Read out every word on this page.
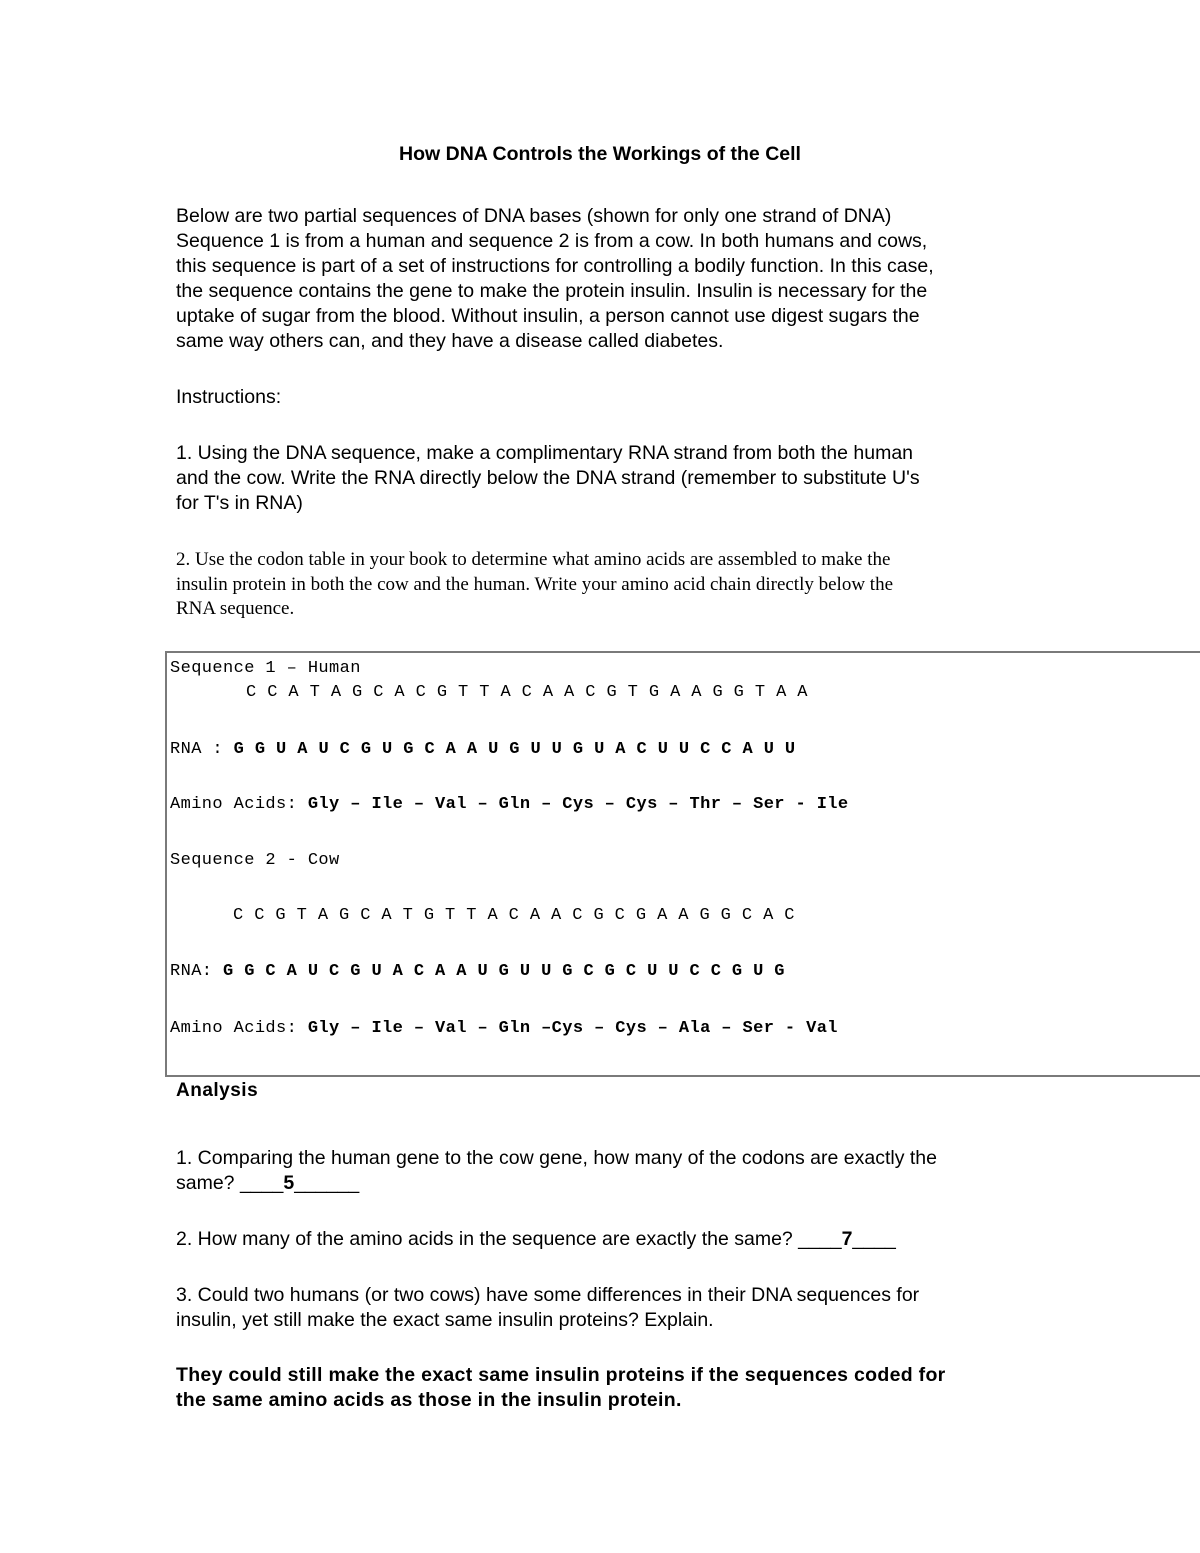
How DNA Controls the Workings of the Cell

Below are two partial sequences of DNA bases (shown for only one strand of DNA)

Sequence 1 is from a human and sequence 2 is from a cow. In both humans and cows,

this sequence is part of a set of instructions for controlling a bodily function. In this case,

the sequence contains the gene to make the protein insulin. Insulin is necessary for the

uptake of sugar from the blood. Without insulin, a person cannot use digest sugars the

same way others can, and they have a disease called diabetes.

Instructions:

1. Using the DNA sequence, make a complimentary RNA strand from both the human

and the cow. Write the RNA directly below the DNA strand (remember to substitute U's

for T's in RNA)

2. Use the codon table in your book to determine what amino acids are assembled to make the
insulin protein in both the cow and the human. Write your amino acid chain directly below the
RNA sequence.
Sequence 1 – Human
C C A T A G C A C G T T A C A A C G T G A A G G T A A
RNA : G G U A U C G U G C A A U G U U G U A C U U C C A U U
Amino Acids: Gly – Ile – Val – Gln – Cys – Cys – Thr – Ser - Ile
Sequence 2 - Cow
C C G T A G C A T G T T A C A A C G C G A A G G C A C
RNA: G G C A U C G U A C A A U G U U G C G C U U C C G U G
Amino Acids: Gly – Ile – Val – Gln –Cys – Cys – Ala – Ser - Val
Analysis

1. Comparing the human gene to the cow gene, how many of the codons are exactly the

same? ____5______

2. How many of the amino acids in the sequence are exactly the same? ____7____

3. Could two humans (or two cows) have some differences in their DNA sequences for

insulin, yet still make the exact same insulin proteins? Explain.

They could still make the exact same insulin proteins if the sequences coded for
the same amino acids as those in the insulin protein.
